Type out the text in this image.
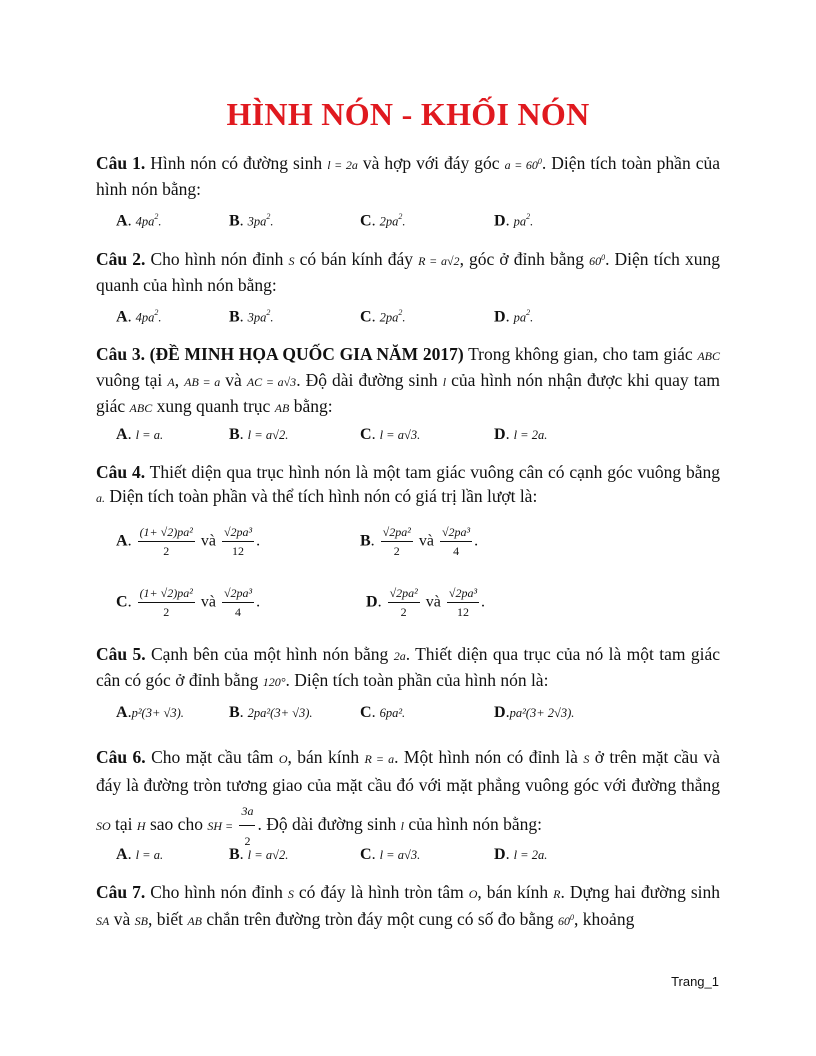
HÌNH NÓN - KHỐI NÓN
Câu 1. Hình nón có đường sinh l = 2a và hợp với đáy góc $a = 60^0$. Diện tích toàn phần của hình nón bằng:
A. $4pa^2$.	B. $3pa^2$.	C. $2pa^2$.	D. $pa^2$.
Câu 2. Cho hình nón đỉnh S có bán kính đáy R = a√2, góc ở đỉnh bằng $60^0$. Diện tích xung quanh của hình nón bằng:
A. $4pa^2$.	B. $3pa^2$.	C. $2pa^2$.	D. $pa^2$.
Câu 3. (ĐỀ MINH HỌA QUỐC GIA NĂM 2017) Trong không gian, cho tam giác ABC vuông tại A, AB = a và AC = a√3. Độ dài đường sinh l của hình nón nhận được khi quay tam giác ABC xung quanh trục AB bằng:
A. l = a.	B. l = a√2.	C. l = a√3.	D. l = 2a.
Câu 4. Thiết diện qua trục hình nón là một tam giác vuông cân có cạnh góc vuông bằng a. Diện tích toàn phần và thể tích hình nón có giá trị lần lượt là:
A. $\frac{\text{(1+ √2)pa²}}{2}$ và $\frac{\text{√2pa³}}{12}$ .	B. $\frac{\text{√2pa²}}{2}$ và $\frac{\text{√2pa³}}{4}$ .
C. $\frac{\text{(1+ √2)pa²}}{2}$ và $\frac{\text{√2pa³}}{4}$ .	D. $\frac{\text{√2pa²}}{2}$ và $\frac{\text{√2pa³}}{12}$ .
Câu 5. Cạnh bên của một hình nón bằng 2a. Thiết diện qua trục của nó là một tam giác cân có góc ở đỉnh bằng 120°. Diện tích toàn phần của hình nón là:
A.p²(3+ √3).	B. 2pa²(3+ √3).	C. 6pa².	D.pa²(3+ 2√3).
Câu 6. Cho mặt cầu tâm O, bán kính R = a. Một hình nón có đỉnh là S ở trên mặt cầu và đáy là đường tròn tương giao của mặt cầu đó với mặt phẳng vuông góc với đường thẳng SO tại H sao cho SH = $\frac{3a}{2}$ . Độ dài đường sinh l của hình nón bằng:
A. l = a.	B. l = a√2.	C. l = a√3.	D. l = 2a.
Câu 7. Cho hình nón đỉnh S có đáy là hình tròn tâm O, bán kính R. Dựng hai đường sinh SA và SB, biết AB chắn trên đường tròn đáy một cung có số đo bằng $60^0$, khoảng
Trang_1
